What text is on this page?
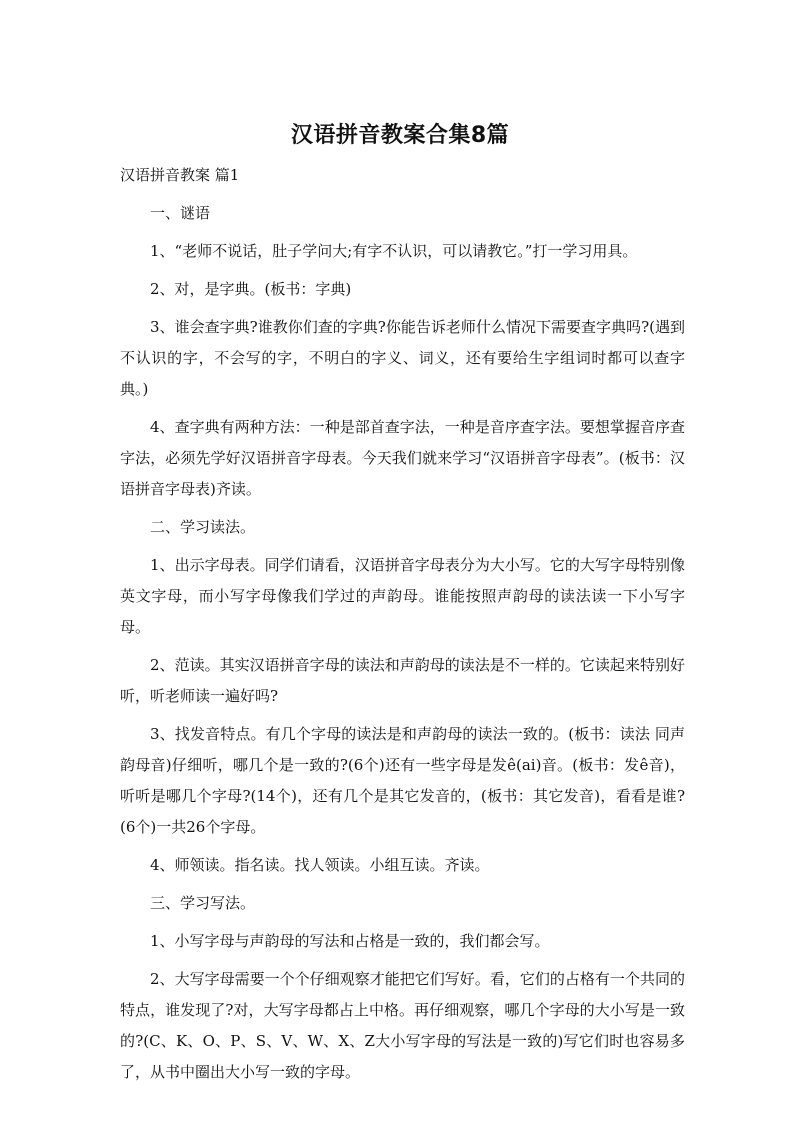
汉语拼音教案合集8篇

汉语拼音教案 篇1

一、谜语

1、“老师不说话，肚子学问大;有字不认识，可以请教它。”打一学习用具。

2、对，是字典。(板书：字典)

3、谁会查字典?谁教你们查的字典?你能告诉老师什么情况下需要查字典吗?(遇到不认识的字，不会写的字，不明白的字义、词义，还有要给生字组词时都可以查字典。)

4、查字典有两种方法：一种是部首查字法，一种是音序查字法。要想掌握音序查字法，必须先学好汉语拼音字母表。今天我们就来学习“汉语拼音字母表”。(板书：汉语拼音字母表)齐读。

二、学习读法。

1、出示字母表。同学们请看，汉语拼音字母表分为大小写。它的大写字母特别像英文字母，而小写字母像我们学过的声韵母。谁能按照声韵母的读法读一下小写字母。

2、范读。其实汉语拼音字母的读法和声韵母的读法是不一样的。它读起来特别好听，听老师读一遍好吗?

3、找发音特点。有几个字母的读法是和声韵母的读法一致的。(板书：读法 同声韵母音)仔细听，哪几个是一致的?(6个)还有一些字母是发ê(ai)音。(板书：发ê音)，听听是哪几个字母?(14个)，还有几个是其它发音的，(板书：其它发音)，看看是谁?(6个)一共26个字母。

4、师领读。指名读。找人领读。小组互读。齐读。

三、学习写法。

1、小写字母与声韵母的写法和占格是一致的，我们都会写。

2、大写字母需要一个个仔细观察才能把它们写好。看，它们的占格有一个共同的特点，谁发现了?对，大写字母都占上中格。再仔细观察，哪几个字母的大小写是一致的?(C、K、O、P、S、V、W、X、Z大小写字母的写法是一致的)写它们时也容易多了，从书中圈出大小写一致的字母。
